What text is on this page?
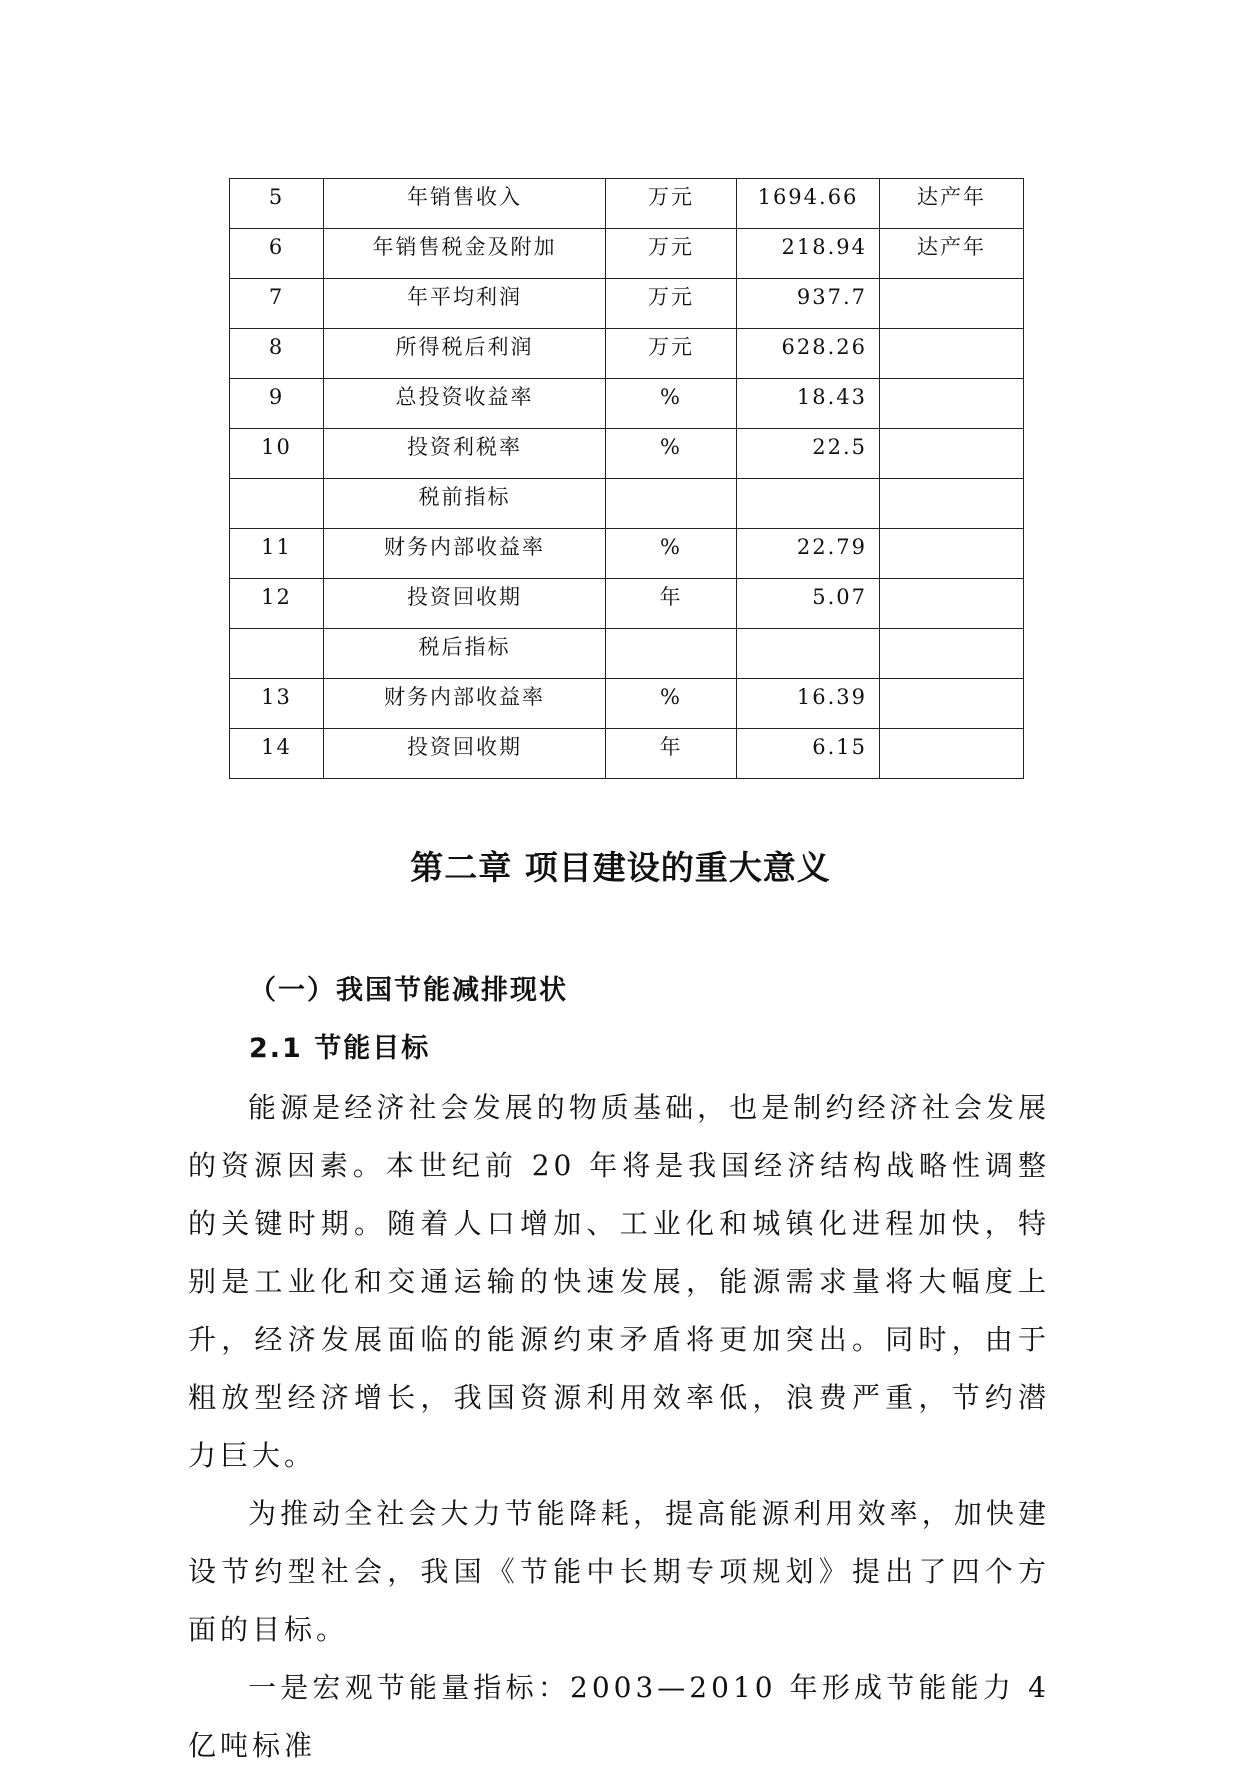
5	年销售收入	万元	1694.66	达产年
6	年销售税金及附加	万元	218.94	达产年
7	年平均利润	万元	937.7	
8	所得税后利润	万元	628.26	
9	总投资收益率	%	18.43	
10	投资利税率	%	22.5	
	税前指标			
11	财务内部收益率	%	22.79	
12	投资回收期	年	5.07	
	税后指标			
13	财务内部收益率	%	16.39	
14	投资回收期	年	6.15	
第二章 项目建设的重大意义
（一）我国节能减排现状
2.1 节能目标

能源是经济社会发展的物质基础，也是制约经济社会发展的资源因素。本世纪前 20 年将是我国经济结构战略性调整的关键时期。随着人口增加、工业化和城镇化进程加快，特别是工业化和交通运输的快速发展，能源需求量将大幅度上升，经济发展面临的能源约束矛盾将更加突出。同时，由于粗放型经济增长，我国资源利用效率低，浪费严重，节约潜力巨大。

为推动全社会大力节能降耗，提高能源利用效率，加快建设节约型社会，我国《节能中长期专项规划》提出了四个方面的目标。

一是宏观节能量指标：2003—2010 年形成节能能力 4 亿吨标准
